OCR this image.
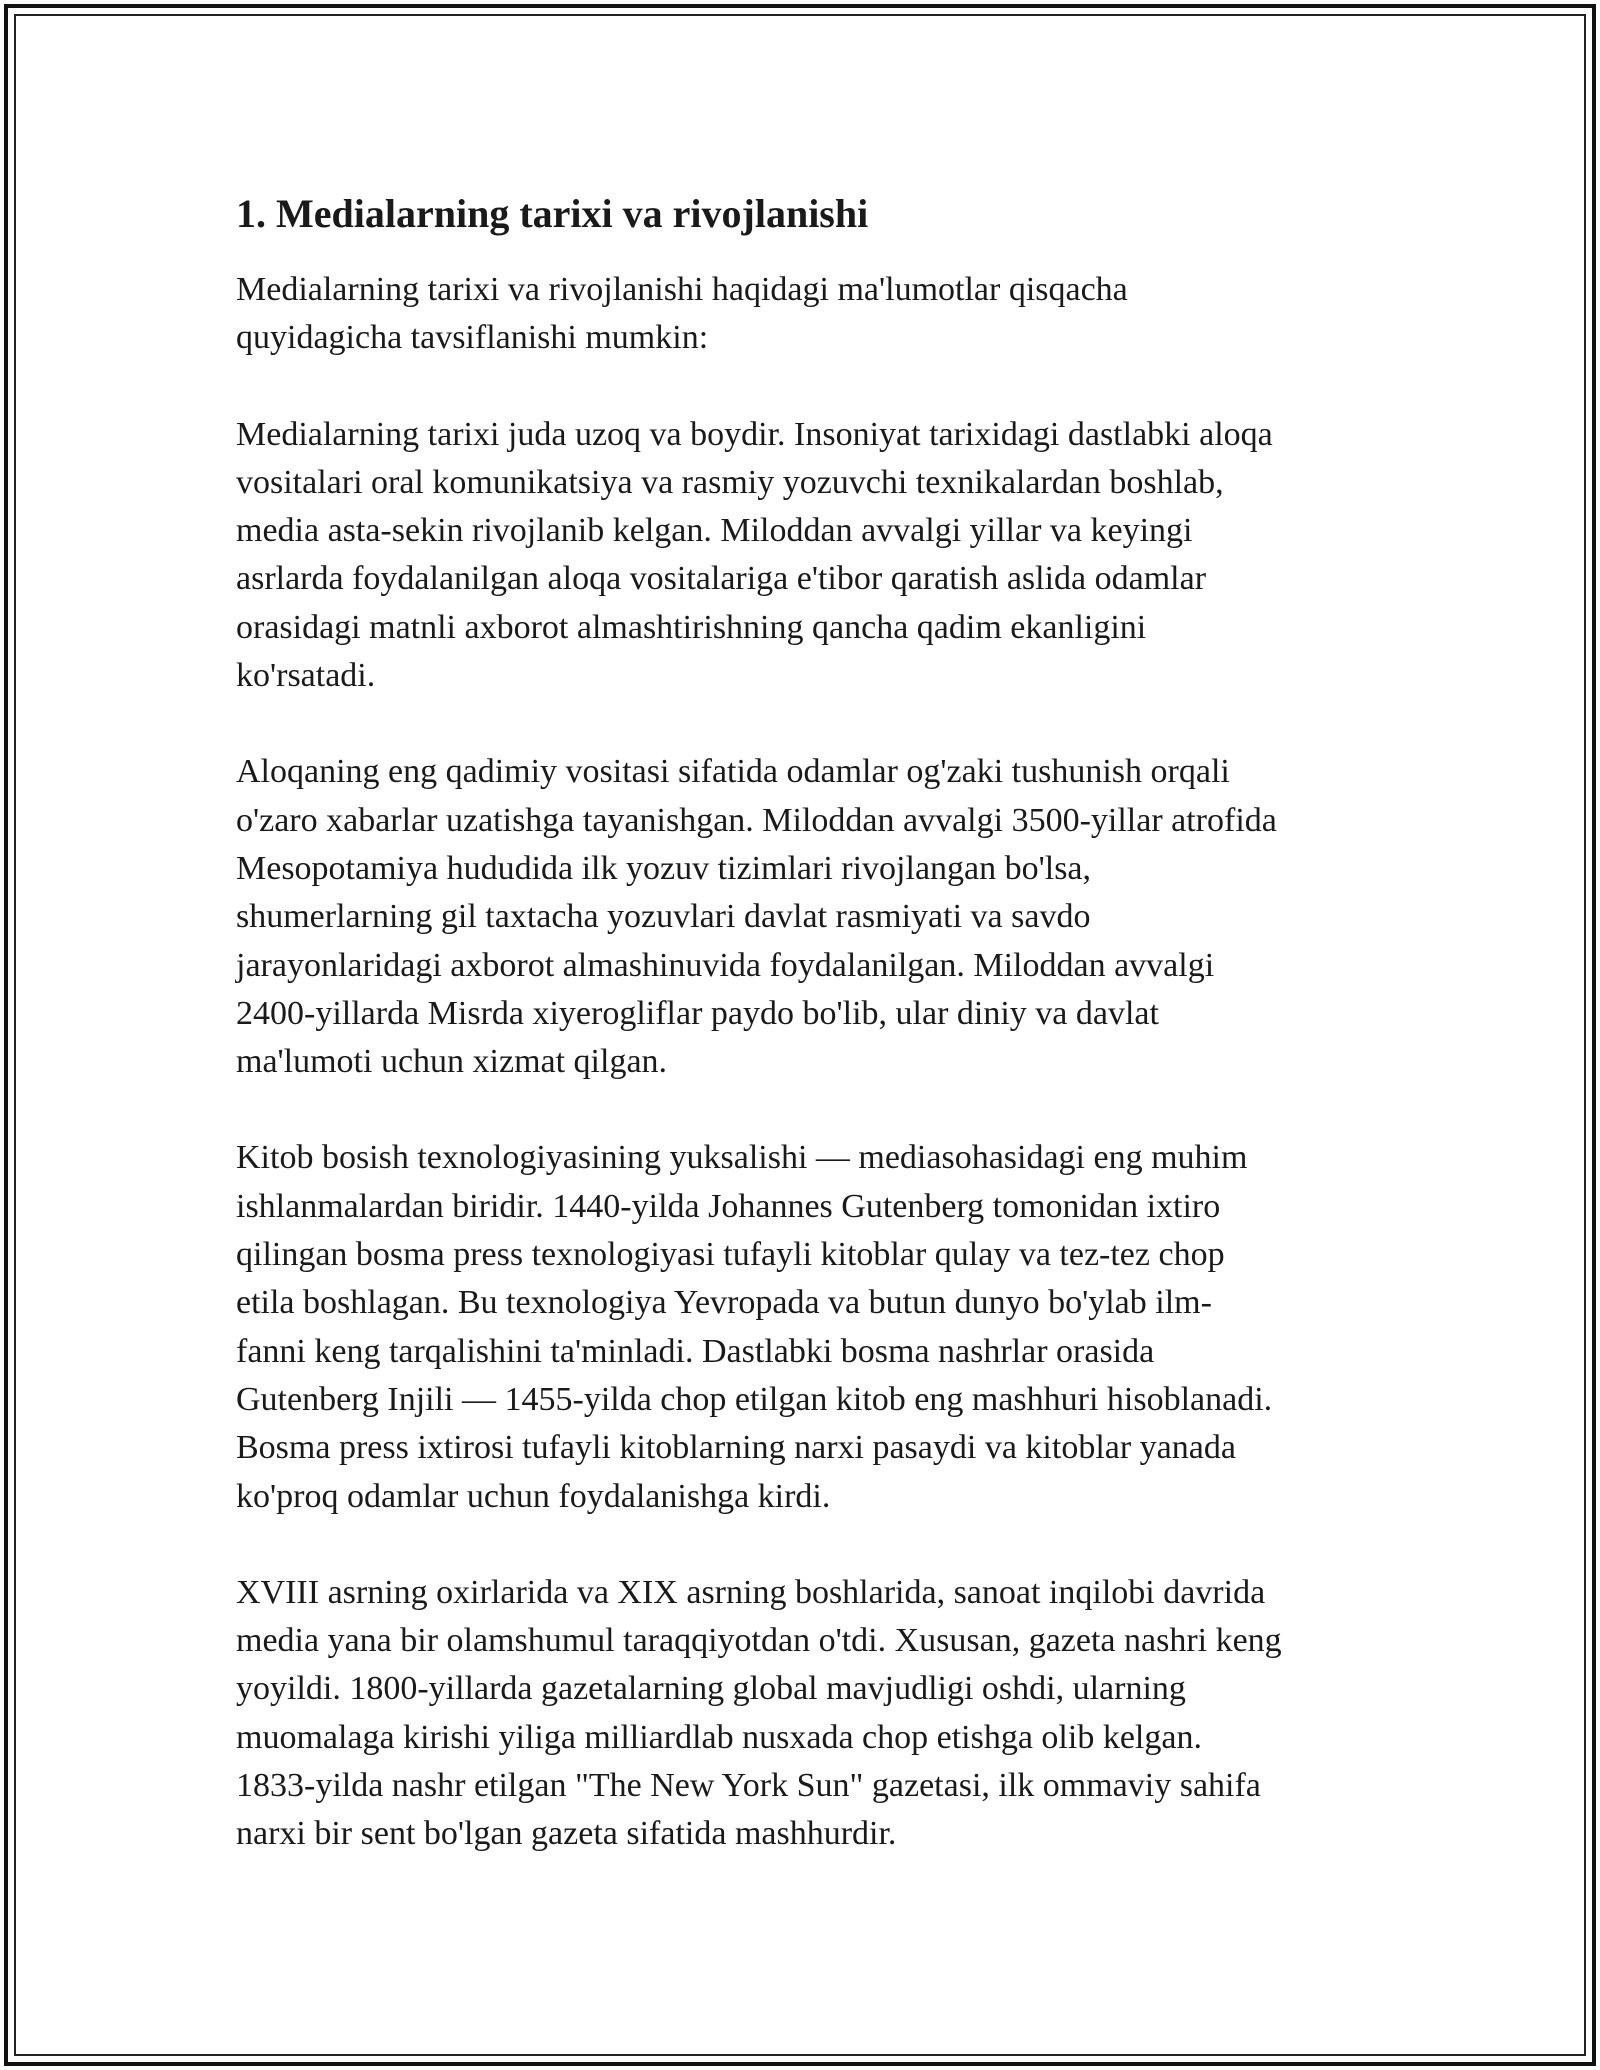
1. Medialarning tarixi va rivojlanishi

Medialarning tarixi va rivojlanishi haqidagi ma'lumotlar qisqacha
quyidagicha tavsiflanishi mumkin:

Medialarning tarixi juda uzoq va boydir. Insoniyat tarixidagi dastlabki aloqa
vositalari oral komunikatsiya va rasmiy yozuvchi texnikalardan boshlab,
media asta-sekin rivojlanib kelgan. Miloddan avvalgi yillar va keyingi
asrlarda foydalanilgan aloqa vositalariga e'tibor qaratish aslida odamlar
orasidagi matnli axborot almashtirishning qancha qadim ekanligini
ko'rsatadi.

Aloqaning eng qadimiy vositasi sifatida odamlar og'zaki tushunish orqali
o'zaro xabarlar uzatishga tayanishgan. Miloddan avvalgi 3500-yillar atrofida
Mesopotamiya hududida ilk yozuv tizimlari rivojlangan bo'lsa,
shumerlarning gil taxtacha yozuvlari davlat rasmiyati va savdo
jarayonlaridagi axborot almashinuvida foydalanilgan. Miloddan avvalgi
2400-yillarda Misrda xiyerogliflar paydo bo'lib, ular diniy va davlat
ma'lumoti uchun xizmat qilgan.

Kitob bosish texnologiyasining yuksalishi — mediasohasidagi eng muhim
ishlanmalardan biridir. 1440-yilda Johannes Gutenberg tomonidan ixtiro
qilingan bosma press texnologiyasi tufayli kitoblar qulay va tez-tez chop
etila boshlagan. Bu texnologiya Yevropada va butun dunyo bo'ylab ilm-
fanni keng tarqalishini ta'minladi. Dastlabki bosma nashrlar orasida
Gutenberg Injili — 1455-yilda chop etilgan kitob eng mashhuri hisoblanadi.
Bosma press ixtirosi tufayli kitoblarning narxi pasaydi va kitoblar yanada
ko'proq odamlar uchun foydalanishga kirdi.

XVIII asrning oxirlarida va XIX asrning boshlarida, sanoat inqilobi davrida
media yana bir olamshumul taraqqiyotdan o'tdi. Xususan, gazeta nashri keng
yoyildi. 1800-yillarda gazetalarning global mavjudligi oshdi, ularning
muomalaga kirishi yiliga milliardlab nusxada chop etishga olib kelgan.
1833-yilda nashr etilgan "The New York Sun" gazetasi, ilk ommaviy sahifa
narxi bir sent bo'lgan gazeta sifatida mashhurdir.
